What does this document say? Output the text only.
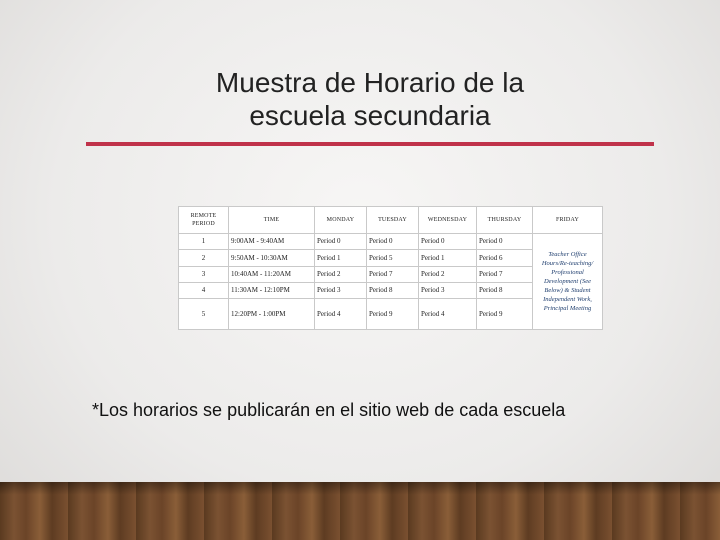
Muestra de Horario de la
escuela secundaria
REMOTE PERIOD	TIME	MONDAY	TUESDAY	WEDNESDAY	THURSDAY	FRIDAY
1	9:00AM - 9:40AM	Period 0	Period 0	Period 0	Period 0	Teacher Office Hours/Re-teaching/ Professional Development (See Below) & Student Independent Work, Principal Meeting
2	9:50AM - 10:30AM	Period 1	Period 5	Period 1	Period 6	
3	10:40AM - 11:20AM	Period 2	Period 7	Period 2	Period 7	
4	11:30AM - 12:10PM	Period 3	Period 8	Period 3	Period 8	
5	12:20PM - 1:00PM	Period 4	Period 9	Period 4	Period 9	
*Los horarios se publicarán en el sitio web de cada escuela
